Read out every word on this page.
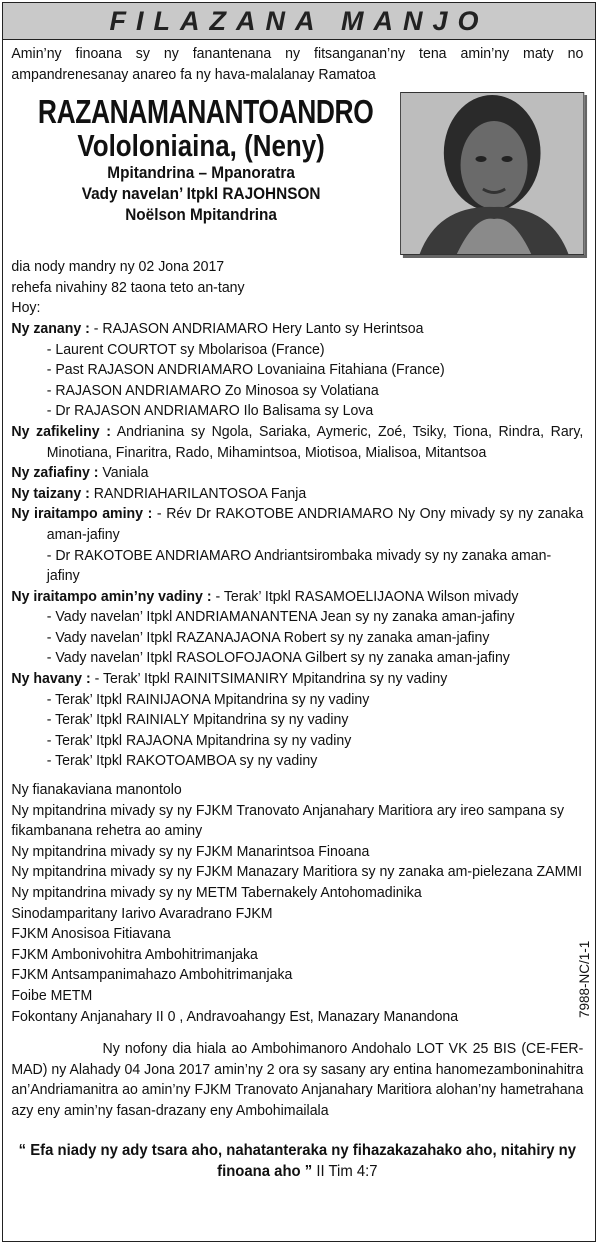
FILAZANA MANJO

Amin’ny finoana sy ny fanantenana ny fitsanganan’ny tena amin’ny maty no ampandrenesanay anareo fa ny hava-malalanay Ramatoa

RAZANAMANANTOANDRO
Vololoniaina, (Neny)
Mpitandrina – Mpanoratra
Vady navelan’ Itpkl RAJOHNSON
Noëlson Mpitandrina

dia nody mandry ny 02 Jona 2017

rehefa nivahiny 82 taona teto an-tany

Hoy:

Ny zanany : - RAJASON ANDRIAMARO Hery Lanto sy Herintsoa

- Laurent COURTOT sy Mbolarisoa (France)

- Past RAJASON ANDRIAMARO Lovaniaina Fitahiana (France)

- RAJASON ANDRIAMARO Zo Minosoa sy Volatiana

- Dr RAJASON ANDRIAMARO Ilo Balisama sy Lova

Ny zafikeliny : Andrianina sy Ngola, Sariaka, Aymeric, Zoé, Tsiky, Tiona, Rindra, Rary, Minotiana, Finaritra, Rado, Mihamintsoa, Miotisoa, Mialisoa, Mitantsoa

Ny zafiafiny : Vaniala

Ny taizany : RANDRIAHARILANTOSOA Fanja

Ny iraitampo aminy : - Rév Dr RAKOTOBE ANDRIAMARO Ny Ony mivady sy ny zanaka aman-jafiny

- Dr RAKOTOBE ANDRIAMARO Andriantsirombaka mivady sy ny zanaka aman-jafiny

Ny iraitampo amin’ny vadiny : - Terak’ Itpkl RASAMOELIJAONA Wilson mivady

- Vady navelan’ Itpkl ANDRIAMANANTENA Jean sy ny zanaka aman-jafiny

- Vady navelan’ Itpkl RAZANAJAONA Robert sy ny zanaka aman-jafiny

- Vady navelan’ Itpkl RASOLOFOJAONA Gilbert sy ny zanaka aman-jafiny

Ny havany : - Terak’ Itpkl RAINITSIMANIRY Mpitandrina sy ny vadiny

- Terak’ Itpkl RAINIJAONA Mpitandrina sy ny vadiny

- Terak’ Itpkl RAINIALY Mpitandrina sy ny vadiny

- Terak’ Itpkl RAJAONA Mpitandrina sy ny vadiny

- Terak’ Itpkl RAKOTOAMBOA sy ny vadiny

Ny fianakaviana manontolo

Ny mpitandrina mivady sy ny FJKM Tranovato Anjanahary Maritiora ary ireo sampana sy fikambanana rehetra ao aminy

Ny mpitandrina mivady sy ny FJKM Manarintsoa Finoana

Ny mpitandrina mivady sy ny FJKM Manazary Maritiora sy ny zanaka am-pielezana ZAMMI

Ny mpitandrina mivady sy ny METM Tabernakely Antohomadinika

Sinodamparitany Iarivo Avaradrano FJKM

FJKM Anosisoa Fitiavana

FJKM Ambonivohitra Ambohitrimanjaka

FJKM Antsampanimahazo Ambohitrimanjaka

Foibe METM

Fokontany Anjanahary II 0 , Andravoahangy Est, Manazary Manandona

Ny nofony dia hiala ao Ambohimanoro Andohalo LOT VK 25 BIS (CE-FER-MAD) ny Alahady 04 Jona 2017 amin’ny 2 ora sy sasany ary entina hanomezamboninahitra an’Andriamanitra ao amin’ny FJKM Tranovato Anjanahary Maritiora alohan’ny hametrahana azy eny amin’ny fasan-drazany eny Ambohimailala

“ Efa niady ny ady tsara aho, nahatanteraka ny fihazakazahako aho, nitahiry ny finoana aho ” II Tim 4:7

7988-NC/1-1
